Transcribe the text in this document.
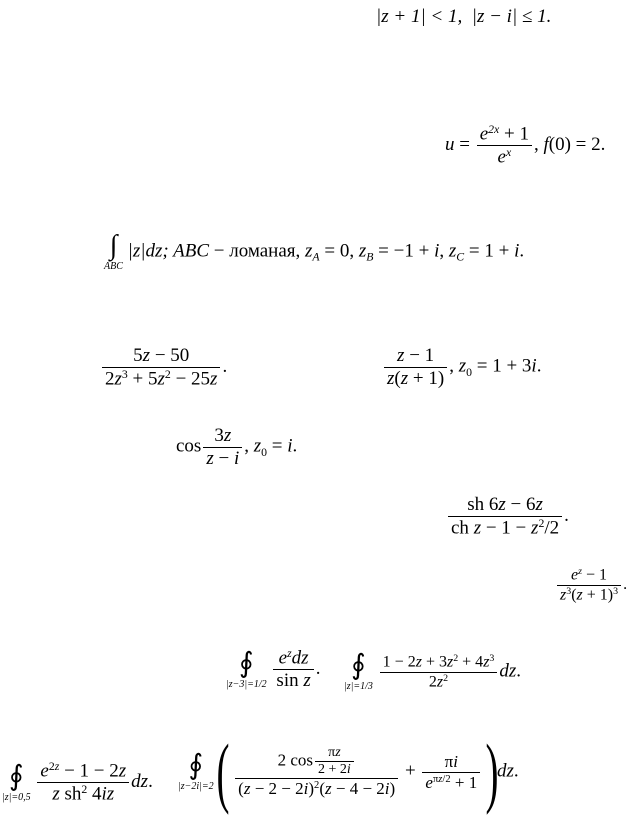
|z + 1| < 1,  |z − i| ≤ 1.
$u = \frac{e^{2x} + 1}{e^x}$ , f(0) = 2.
∫
ABC
|z|dz; ABC − ломаная, $z_A = 0$, $z_B = -1 + i$, $z_C = 1 + i$.
$\frac{5z - 50}{2z^3 + 5z^2 - 25z}$ .	$\frac{z - 1}{z(z + 1)}$ , $z_0 = 1 + 3i$.
$\cos \frac{3z}{z - i}$ , $z_0 = i$.
$\frac{sh 6z - 6z}{ch z - 1 - z^2/2}$ .
$\frac{e^z - 1}{z^3(z + 1)^3}$ .
∮
|z−3|=1/2
$\frac{e^zdz}{\text{sin z}}$ . ∮
|z|=1/3
$\frac{1 - 2z + 3z^2 + 4z^3}{2z^2}$ dz.
∮
|z|=0,5
$\frac{e^{2z} - 1 - 2z}{z sh^2 4iz}$ dz.
∮
|z−2i|=2 ( $\frac{2 \cos \frac{\pi z}{2 + 2i}}{(z - 2 - 2i)^2(z - 4 - 2i)} + \frac{\pi i}{e^{\pi z/2} + 1} )dz$.
